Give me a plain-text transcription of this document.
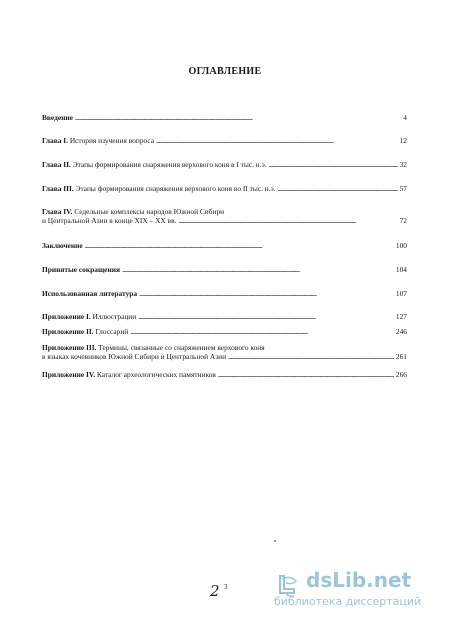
ОГЛАВЛЕНИЕ
Введение . . .	4
Глава I. История изучения вопроса . . .	12
Глава II. Этапы формирования снаряжения верхового коня в I тыс. н.э. . . .	32
Глава III. Этапы формирования снаряжения верхового коня во II тыс. н.э. . . .	57
Глава IV. Седельные комплексы народов Южной Сибири
и Центральной Азии в конце XIX – XX вв. . . .	72
Заключение . . .	100
Принятые сокращения . . .	104
Использованная литература . . .	107
Приложение I. Иллюстрации . . .	127
Приложение II. Глоссарий . . .	246
Приложение III. Термины, связанные со снаряжением верхового коня
в языках кочевников Южной Сибири и Центральной Азии . . .	261
Приложение IV. Каталог археологических памятников . . .	266
2 3	dsLib.net
библиотека диссертаций
